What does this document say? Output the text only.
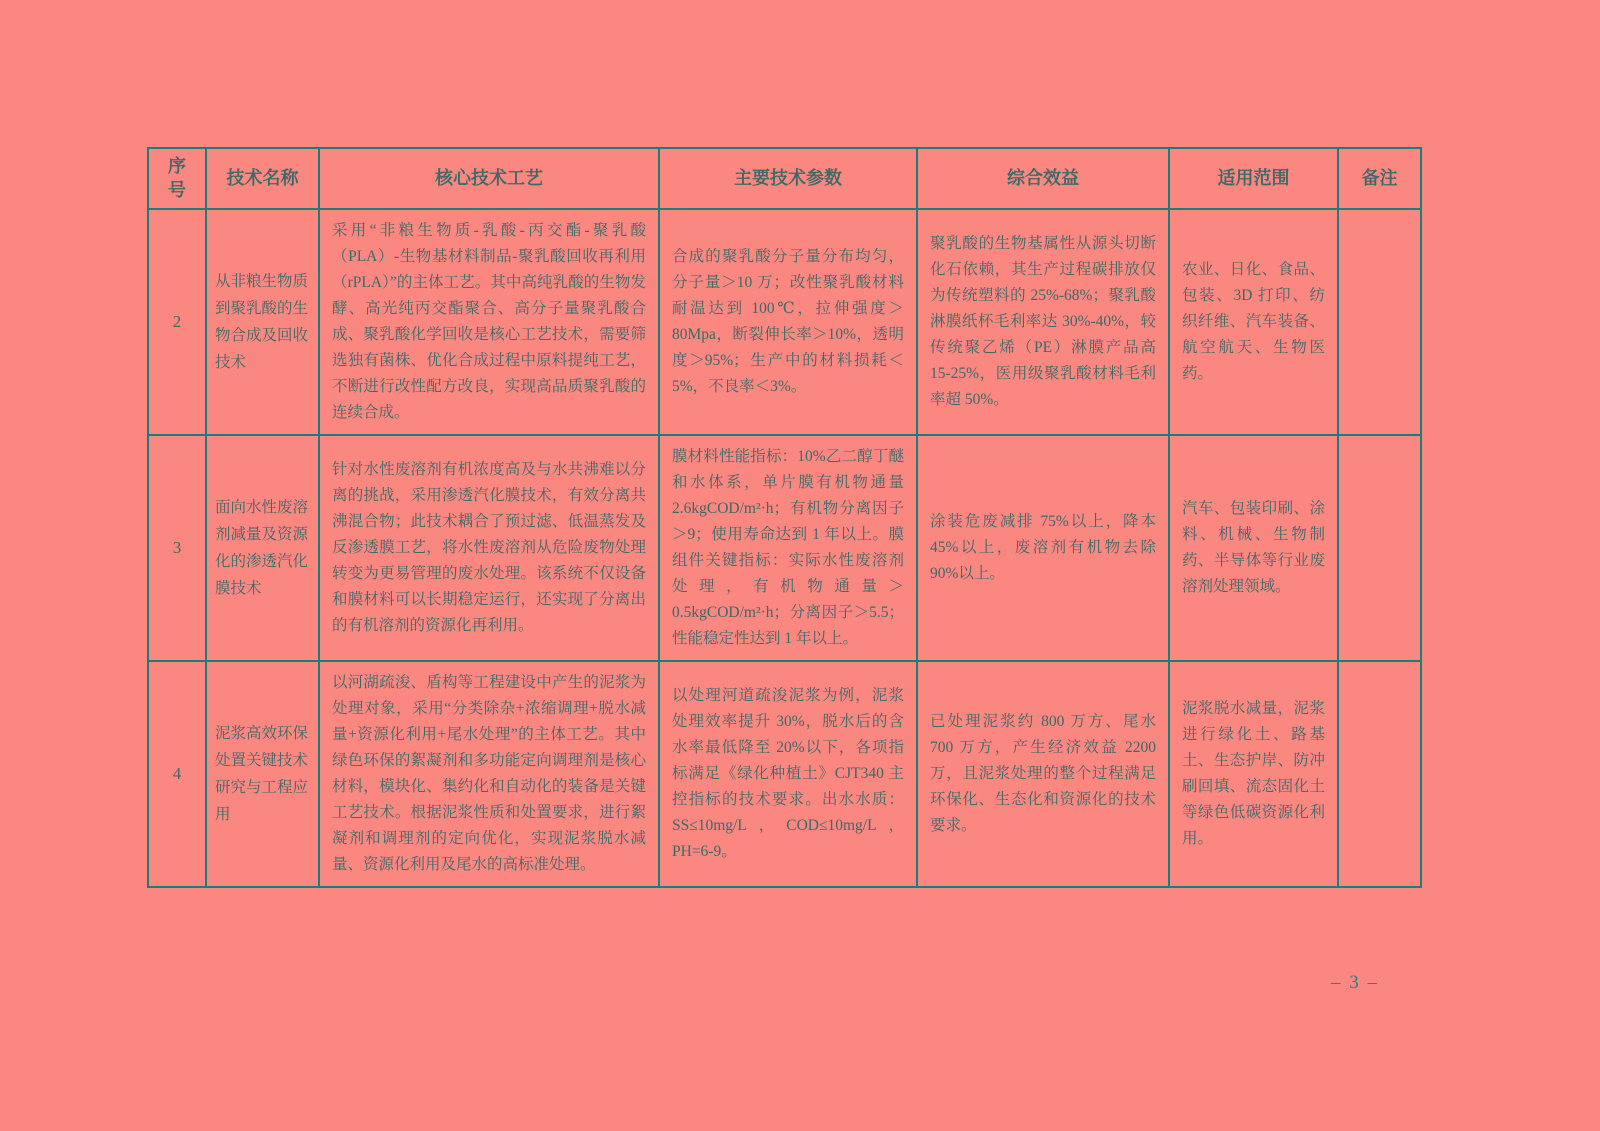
序号	技术名称	核心技术工艺	主要技术参数	综合效益	适用范围	备注
2	从非粮生物质到聚乳酸的生物合成及回收技术	采用“非粮生物质-乳酸-丙交酯-聚乳酸（PLA）-生物基材料制品-聚乳酸回收再利用（rPLA）”的主体工艺。其中高纯乳酸的生物发酵、高光纯丙交酯聚合、高分子量聚乳酸合成、聚乳酸化学回收是核心工艺技术，需要筛选独有菌株、优化合成过程中原料提纯工艺，不断进行改性配方改良，实现高品质聚乳酸的连续合成。	合成的聚乳酸分子量分布均匀，分子量＞10 万；改性聚乳酸材料耐温达到 100℃，拉伸强度＞80Mpa，断裂伸长率＞10%，透明度＞95%；生产中的材料损耗＜5%，不良率＜3%。	聚乳酸的生物基属性从源头切断化石依赖，其生产过程碳排放仅为传统塑料的 25%-68%；聚乳酸淋膜纸杯毛利率达 30%-40%，较传统聚乙烯（PE）淋膜产品高 15-25%，医用级聚乳酸材料毛利率超 50%。	农业、日化、食品、包装、3D 打印、纺织纤维、汽车装备、航空航天、生物医药。	
3	面向水性废溶剂减量及资源化的渗透汽化膜技术	针对水性废溶剂有机浓度高及与水共沸难以分离的挑战，采用渗透汽化膜技术，有效分离共沸混合物；此技术耦合了预过滤、低温蒸发及反渗透膜工艺，将水性废溶剂从危险废物处理转变为更易管理的废水处理。该系统不仅设备和膜材料可以长期稳定运行，还实现了分离出的有机溶剂的资源化再利用。	膜材料性能指标：10%乙二醇丁醚和水体系，单片膜有机物通量 2.6kgCOD/m²·h；有机物分离因子＞9；使用寿命达到 1 年以上。膜组件关键指标：实际水性废溶剂处理，有机物通量＞0.5kgCOD/m²·h；分离因子＞5.5；性能稳定性达到 1 年以上。	涂装危废减排 75%以上，降本 45%以上，废溶剂有机物去除 90%以上。	汽车、包装印刷、涂料、机械、生物制药、半导体等行业废溶剂处理领域。	
4	泥浆高效环保处置关键技术研究与工程应用	以河湖疏浚、盾构等工程建设中产生的泥浆为处理对象，采用“分类除杂+浓缩调理+脱水减量+资源化利用+尾水处理”的主体工艺。其中绿色环保的絮凝剂和多功能定向调理剂是核心材料，模块化、集约化和自动化的装备是关键工艺技术。根据泥浆性质和处置要求，进行絮凝剂和调理剂的定向优化，实现泥浆脱水减量、资源化利用及尾水的高标准处理。	以处理河道疏浚泥浆为例，泥浆处理效率提升 30%，脱水后的含水率最低降至 20%以下，各项指标满足《绿化种植土》CJT340 主控指标的技术要求。出水水质：SS≤10mg/L，COD≤10mg/L，PH=6-9。	已处理泥浆约 800 万方、尾水 700 万方，产生经济效益 2200 万，且泥浆处理的整个过程满足环保化、生态化和资源化的技术要求。	泥浆脱水减量，泥浆进行绿化土、路基土、生态护岸、防冲刷回填、流态固化土等绿色低碳资源化利用。	
– 3 –
